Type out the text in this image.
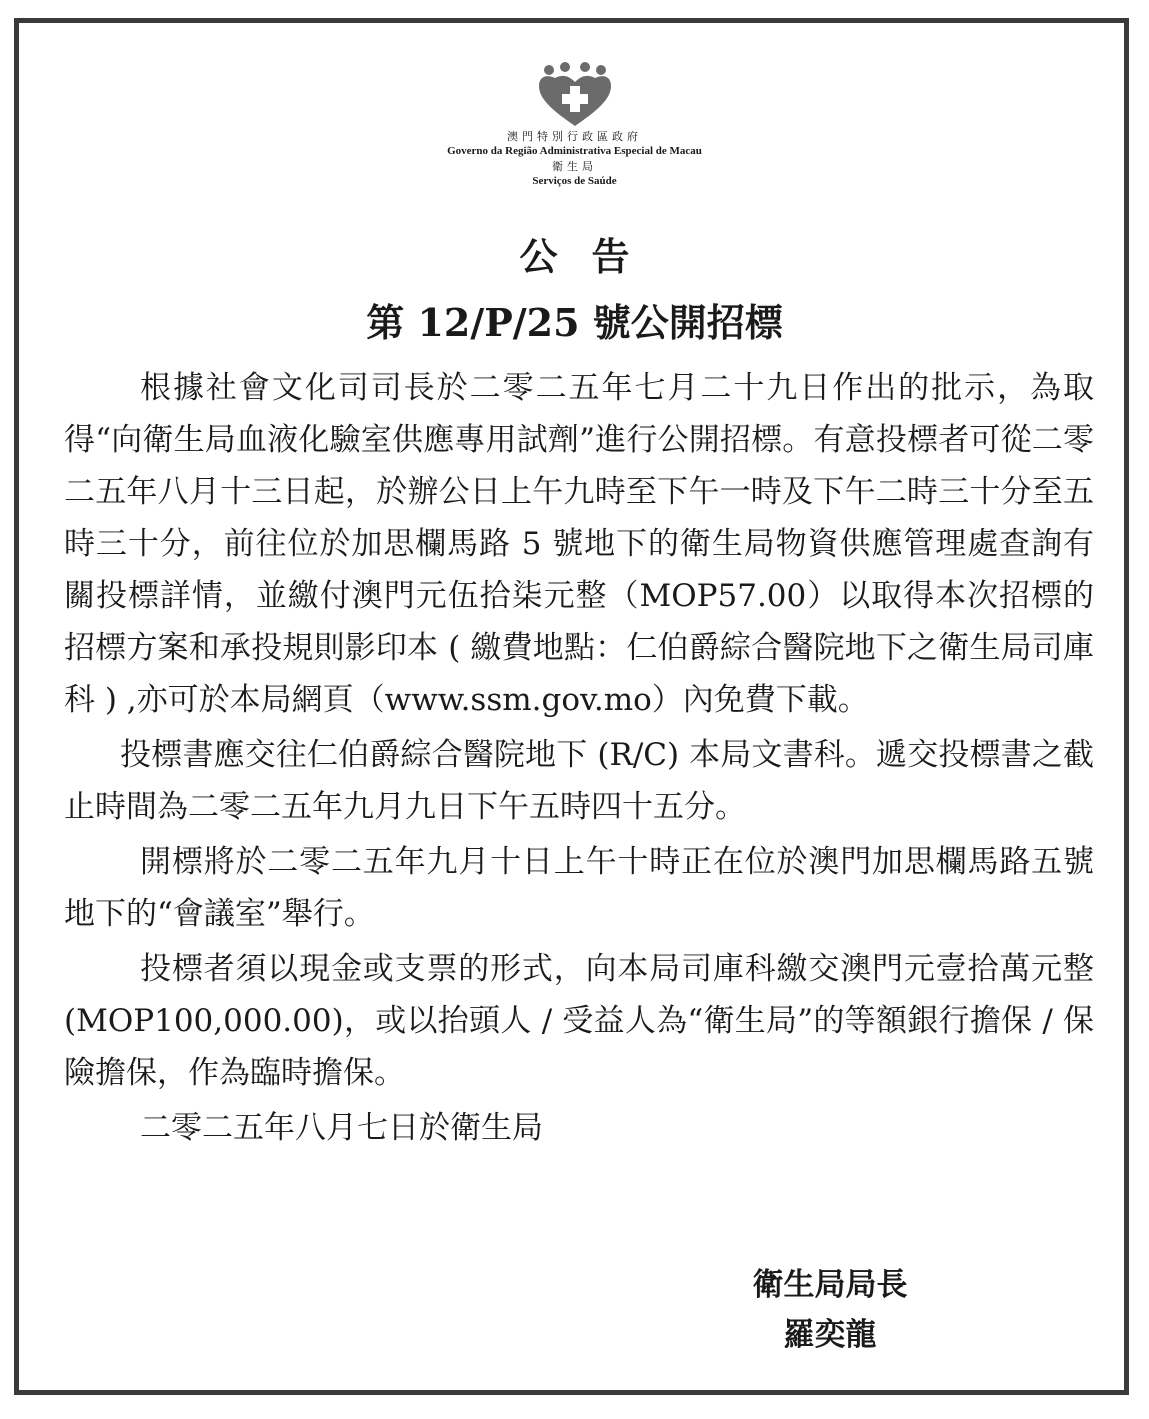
澳門特別行政區政府
Governo da Região Administrativa Especial de Macau
衛生局
Serviços de Saúde
公告
第 12/P/25 號公開招標

根據社會文化司司長於二零二五年七月二十九日作出的批示，為取得“向衛生局血液化驗室供應專用試劑”進行公開招標。有意投標者可從二零二五年八月十三日起，於辦公日上午九時至下午一時及下午二時三十分至五時三十分，前往位於加思欄馬路 5 號地下的衛生局物資供應管理處查詢有關投標詳情，並繳付澳門元伍拾柒元整（MOP57.00）以取得本次招標的招標方案和承投規則影印本 ( 繳費地點：仁伯爵綜合醫院地下之衛生局司庫科 ) ,亦可於本局網頁（www.ssm.gov.mo）內免費下載。

投標書應交往仁伯爵綜合醫院地下 (R/C) 本局文書科。遞交投標書之截止時間為二零二五年九月九日下午五時四十五分。

開標將於二零二五年九月十日上午十時正在位於澳門加思欄馬路五號地下的“會議室”舉行。

投標者須以現金或支票的形式，向本局司庫科繳交澳門元壹拾萬元整 (MOP100,000.00)，或以抬頭人 / 受益人為“衛生局”的等額銀行擔保 / 保險擔保，作為臨時擔保。

二零二五年八月七日於衛生局

衛生局局長
羅奕龍
